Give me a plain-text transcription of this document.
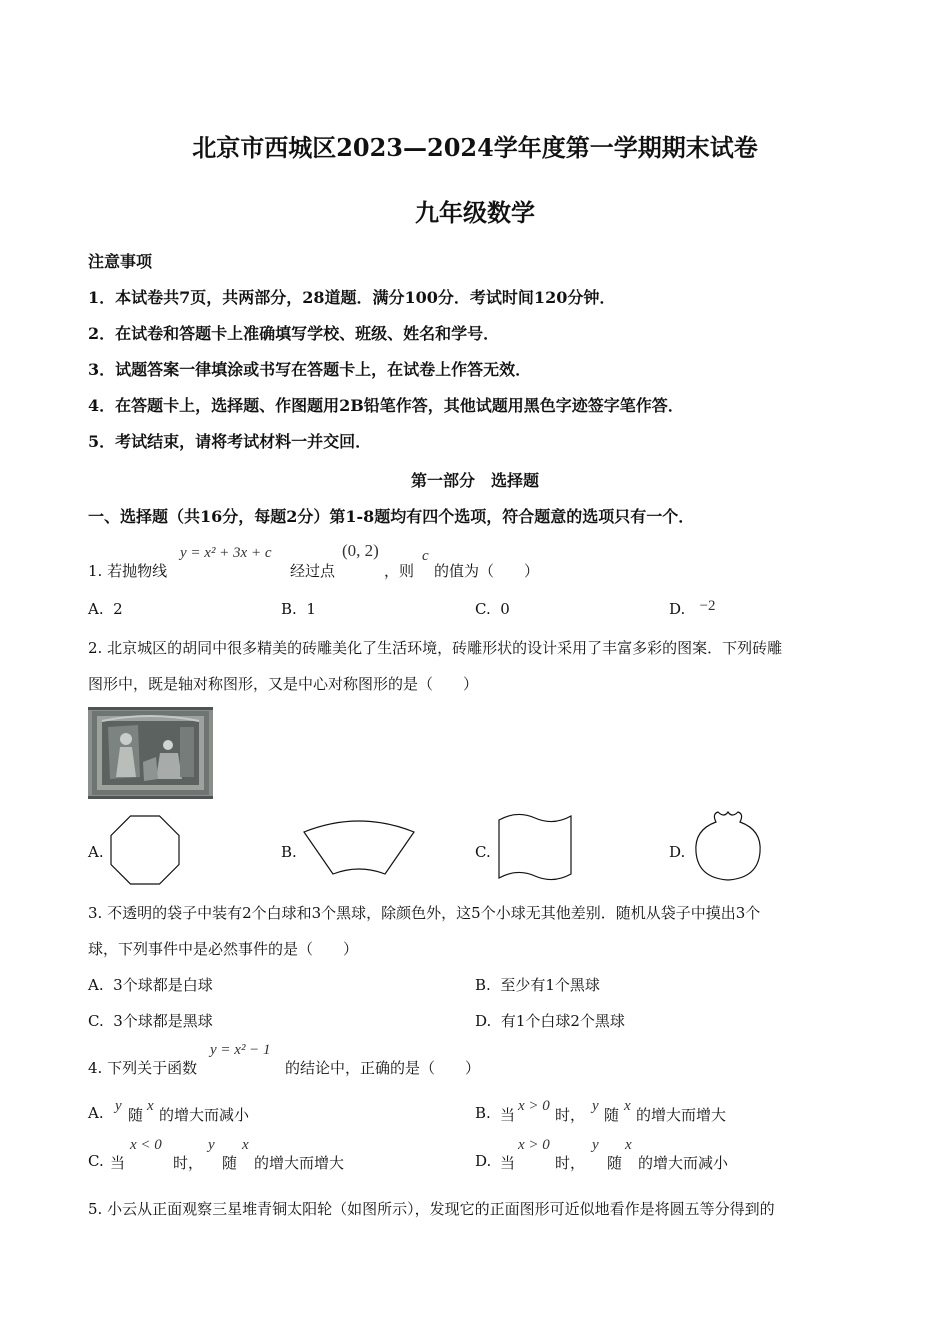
北京市西城区2023—2024学年度第一学期期末试卷
九年级数学
注意事项
1．本试卷共7页，共两部分，28道题．满分100分．考试时间120分钟．
2．在试卷和答题卡上准确填写学校、班级、姓名和学号．
3．试题答案一律填涂或书写在答题卡上，在试卷上作答无效．
4．在答题卡上，选择题、作图题用2B铅笔作答，其他试题用黑色字迹签字笔作答．
5．考试结束，请将考试材料一并交回．
第一部分　选择题
一、选择题（共16分，每题2分）第1-8题均有四个选项，符合题意的选项只有一个．
1. 若抛物线
y = x² + 3x + c
经过点
(0, 2)
，则
c
的值为（　　）
A. 2	B. 1	C. 0	D. −2
2. 北京城区的胡同中很多精美的砖雕美化了生活环境，砖雕形状的设计采用了丰富多彩的图案．下列砖雕
图形中，既是轴对称图形，又是中心对称图形的是（　　）
A.	B.	C.	D.
3. 不透明的袋子中装有2个白球和3个黑球，除颜色外，这5个小球无其他差别．随机从袋子中摸出3个
球，下列事件中是必然事件的是（　　）
A. 3个球都是白球	B. 至少有1个黑球
C. 3个球都是黑球	D. 有1个白球2个黑球
4. 下列关于函数
y = x² − 1
的结论中，正确的是（　　）
A. y 随 x 的增大而减小	B. 当 x > 0 时， y 随 x 的增大而增大
C. 当
x < 0
时，
y
随
x
的增大而增大	D. 当
x > 0
时，
y
随
x
的增大而减小
5. 小云从正面观察三星堆青铜太阳轮（如图所示），发现它的正面图形可近似地看作是将圆五等分得到的
